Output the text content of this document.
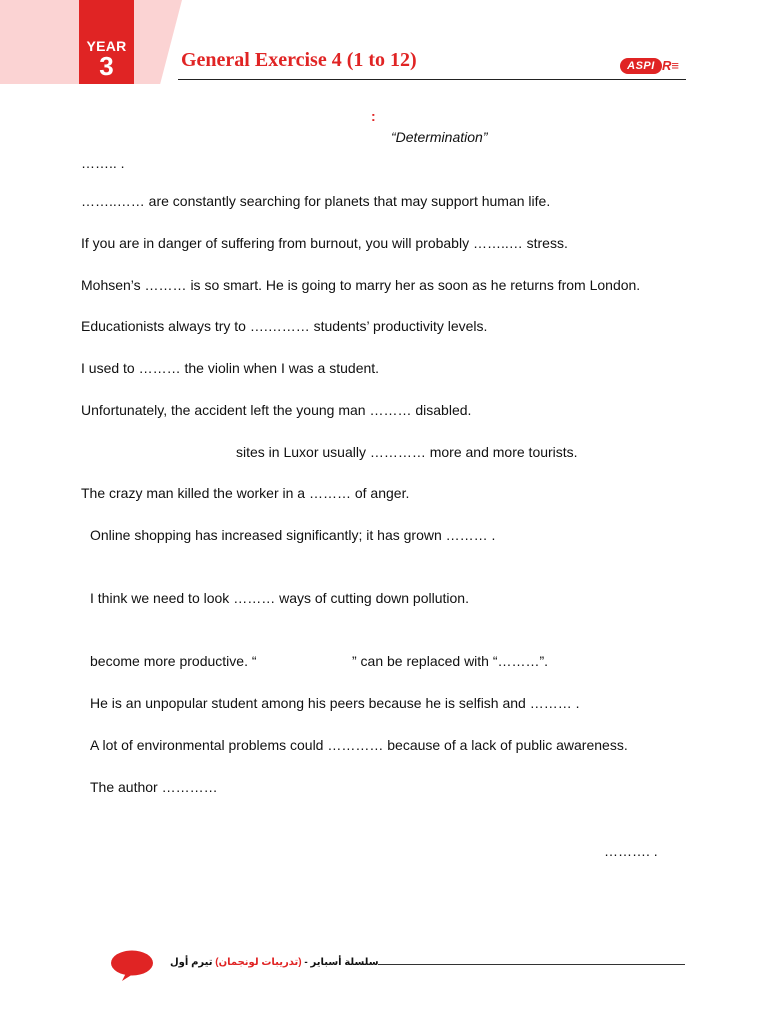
YEAR
3	General Exercise 4 (1 to 12)	ASPI R≡
:
“Determination”
…….. .
……..…… are constantly searching for planets that may support human life.
If you are in danger of suffering from burnout, you will probably ……..… stress.
Mohsen’s ……… is so smart. He is going to marry her as soon as he returns from London.
Educationists always try to ….……… students’ productivity levels.
I used to ……… the violin when I was a student.
Unfortunately, the accident left the young man ……… disabled.
sites in Luxor usually ………… more and more tourists.
The crazy man killed the worker in a ……… of anger.
Online shopping has increased significantly; it has grown ……… .
I think we need to look ……… ways of cutting down pollution.
become more productive. “	” can be replaced with “………”.
He is an unpopular student among his peers because he is selfish and ……… .
A lot of environmental problems could ………… because of a lack of public awareness.
The author …………
………. .
سلسلة أسباير - (تدريبات لونجمان) تيرم أول
